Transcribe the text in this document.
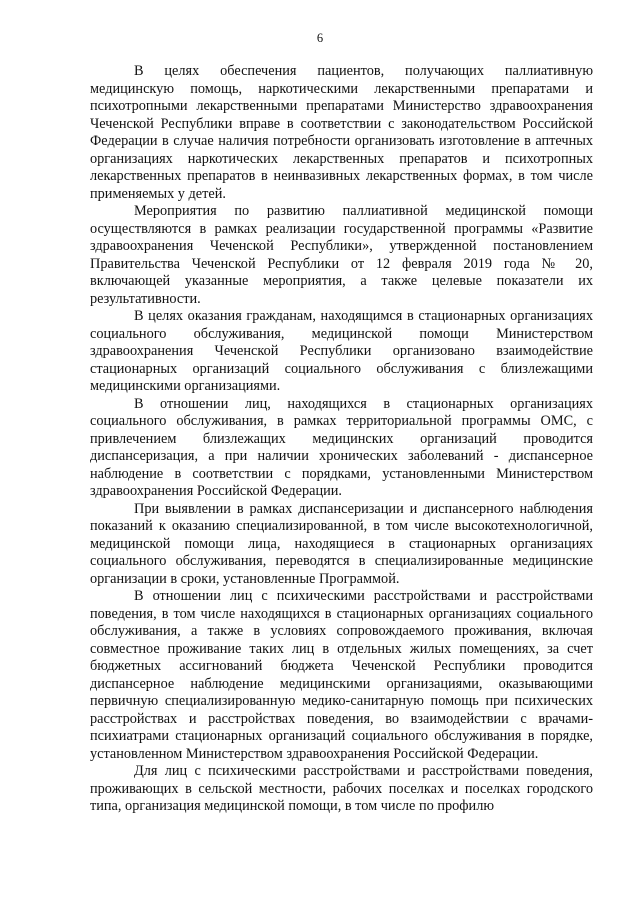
6

В целях обеспечения пациентов, получающих паллиативную медицинскую помощь, наркотическими лекарственными препаратами и психотропными лекарственными препаратами Министерство здравоохранения Чеченской Республики вправе в соответствии с законодательством Российской Федерации в случае наличия потребности организовать изготовление в аптечных организациях наркотических лекарственных препаратов и психотропных лекарственных препаратов в неинвазивных лекарственных формах, в том числе применяемых у детей.

Мероприятия по развитию паллиативной медицинской помощи осуществляются в рамках реализации государственной программы «Развитие здравоохранения Чеченской Республики», утвержденной постановлением Правительства Чеченской Республики от 12 февраля 2019 года № 20, включающей указанные мероприятия, а также целевые показатели их результативности.

В целях оказания гражданам, находящимся в стационарных организациях социального обслуживания, медицинской помощи Министерством здравоохранения Чеченской Республики организовано взаимодействие стационарных организаций социального обслуживания с близлежащими медицинскими организациями.

В отношении лиц, находящихся в стационарных организациях социального обслуживания, в рамках территориальной программы ОМС, с привлечением близлежащих медицинских организаций проводится диспансеризация, а при наличии хронических заболеваний - диспансерное наблюдение в соответствии с порядками, установленными Министерством здравоохранения Российской Федерации.

При выявлении в рамках диспансеризации и диспансерного наблюдения показаний к оказанию специализированной, в том числе высокотехнологичной, медицинской помощи лица, находящиеся в стационарных организациях социального обслуживания, переводятся в специализированные медицинские организации в сроки, установленные Программой.

В отношении лиц с психическими расстройствами и расстройствами поведения, в том числе находящихся в стационарных организациях социального обслуживания, а также в условиях сопровождаемого проживания, включая совместное проживание таких лиц в отдельных жилых помещениях, за счет бюджетных ассигнований бюджета Чеченской Республики проводится диспансерное наблюдение медицинскими организациями, оказывающими первичную специализированную медико-санитарную помощь при психических расстройствах и расстройствах поведения, во взаимодействии с врачами-психиатрами стационарных организаций социального обслуживания в порядке, установленном Министерством здравоохранения Российской Федерации.

Для лиц с психическими расстройствами и расстройствами поведения, проживающих в сельской местности, рабочих поселках и поселках городского типа, организация медицинской помощи, в том числе по профилю
